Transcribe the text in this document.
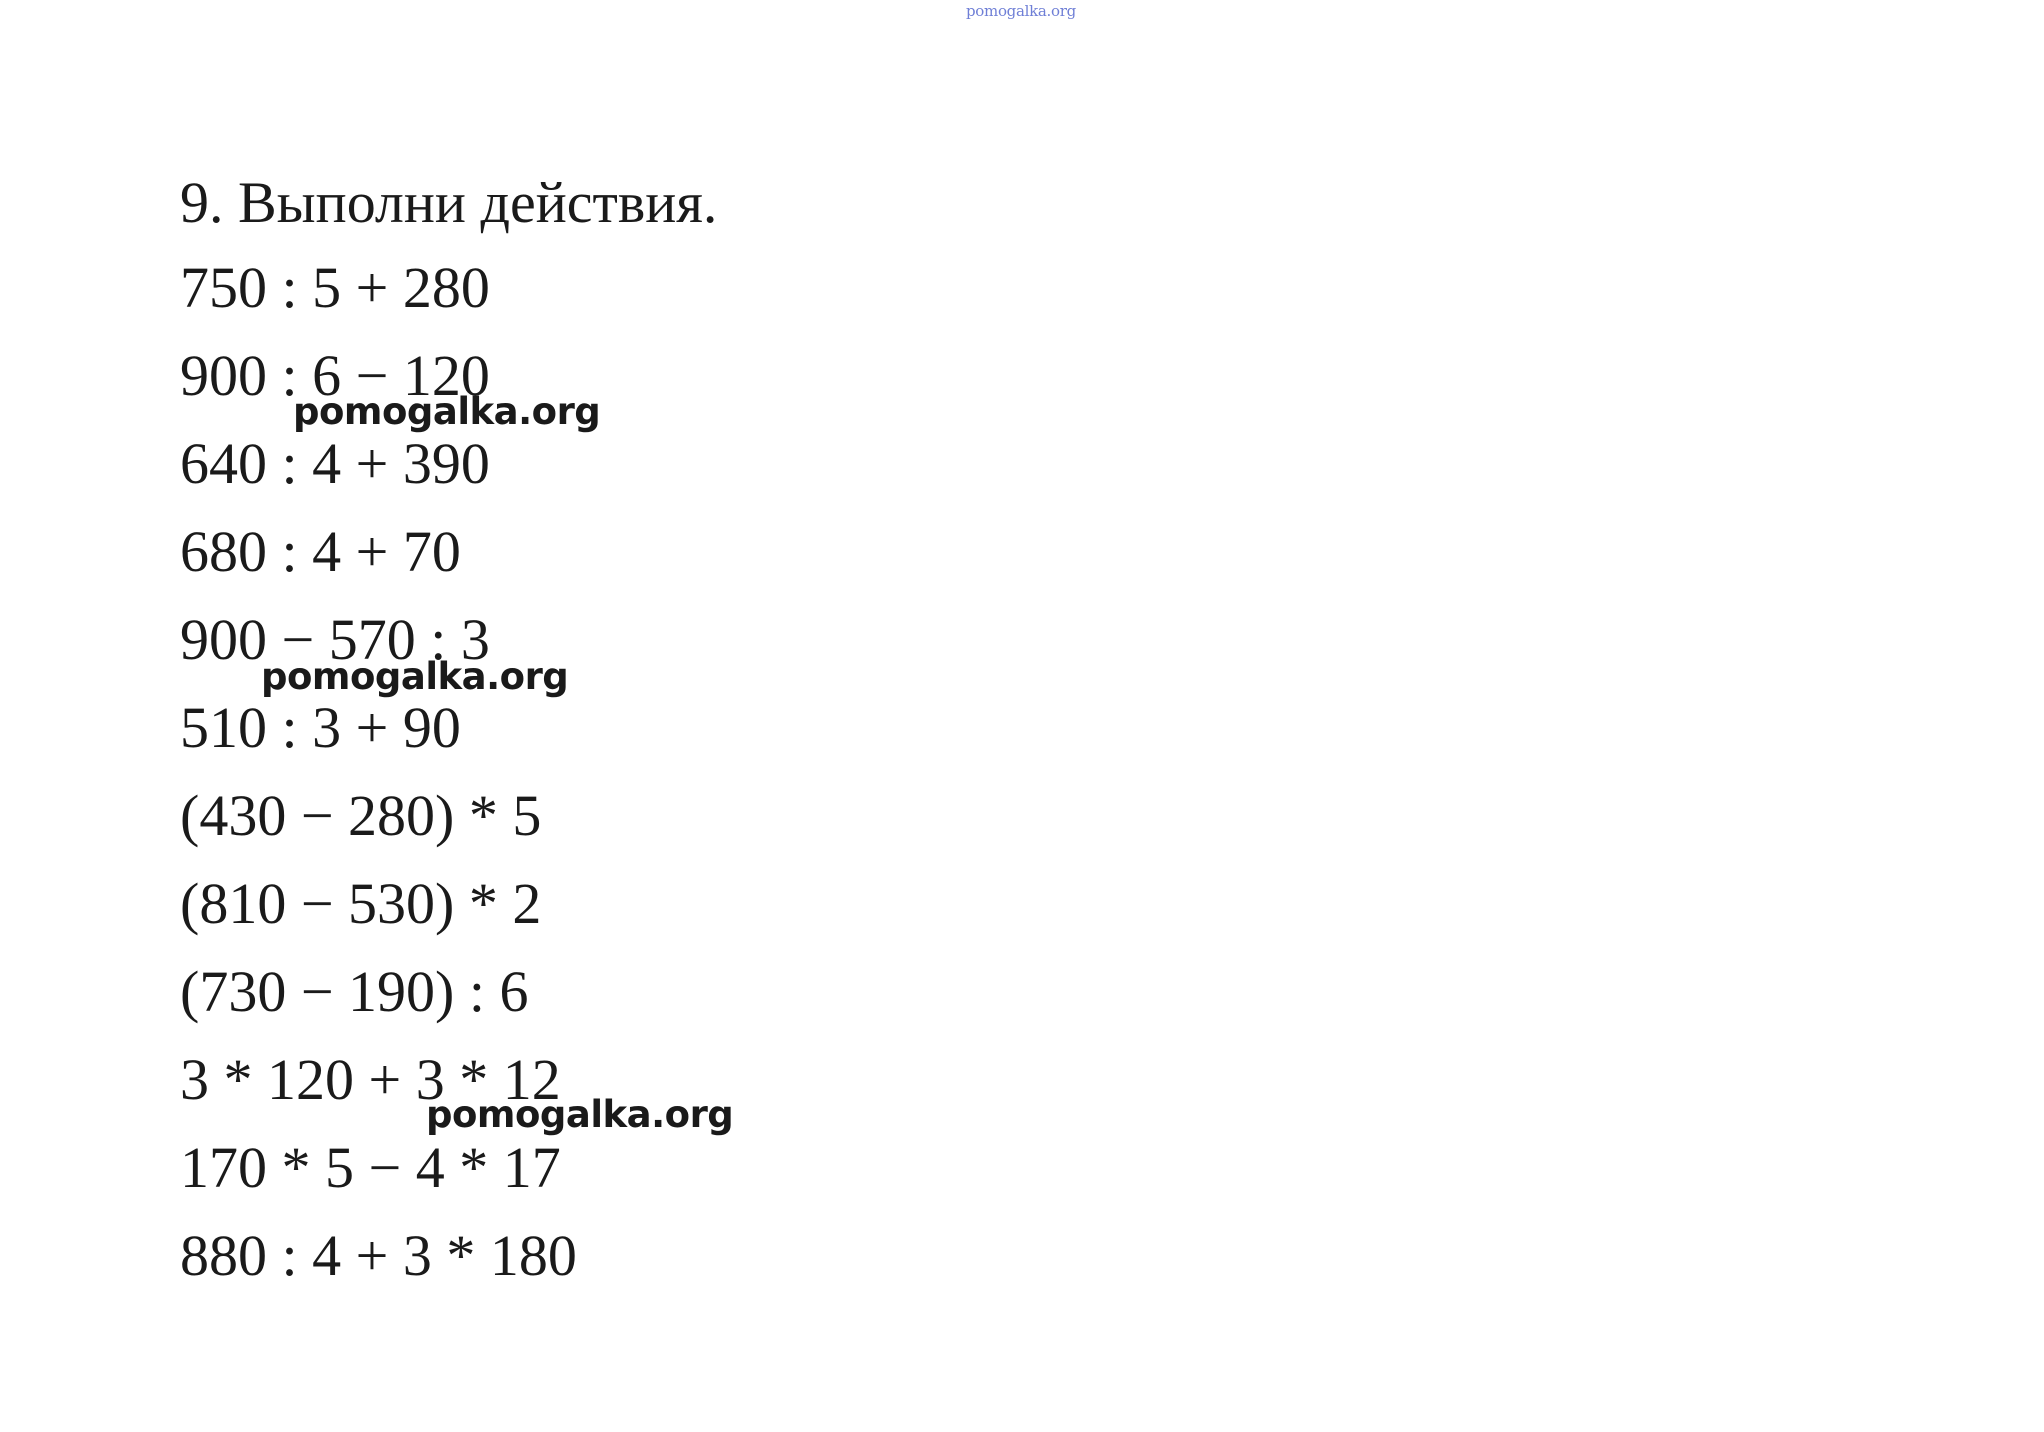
pomogalka.org
9. Выполни действия.
750 : 5 + 280
900 : 6 − 120
640 : 4 + 390
680 : 4 + 70
900 − 570 : 3
510 : 3 + 90
(430 − 280) * 5
(810 − 530) * 2
(730 − 190) : 6
3 * 120 + 3 * 12
170 * 5 − 4 * 17
880 : 4 + 3 * 180
pomogalka.org
pomogalka.org
pomogalka.org
